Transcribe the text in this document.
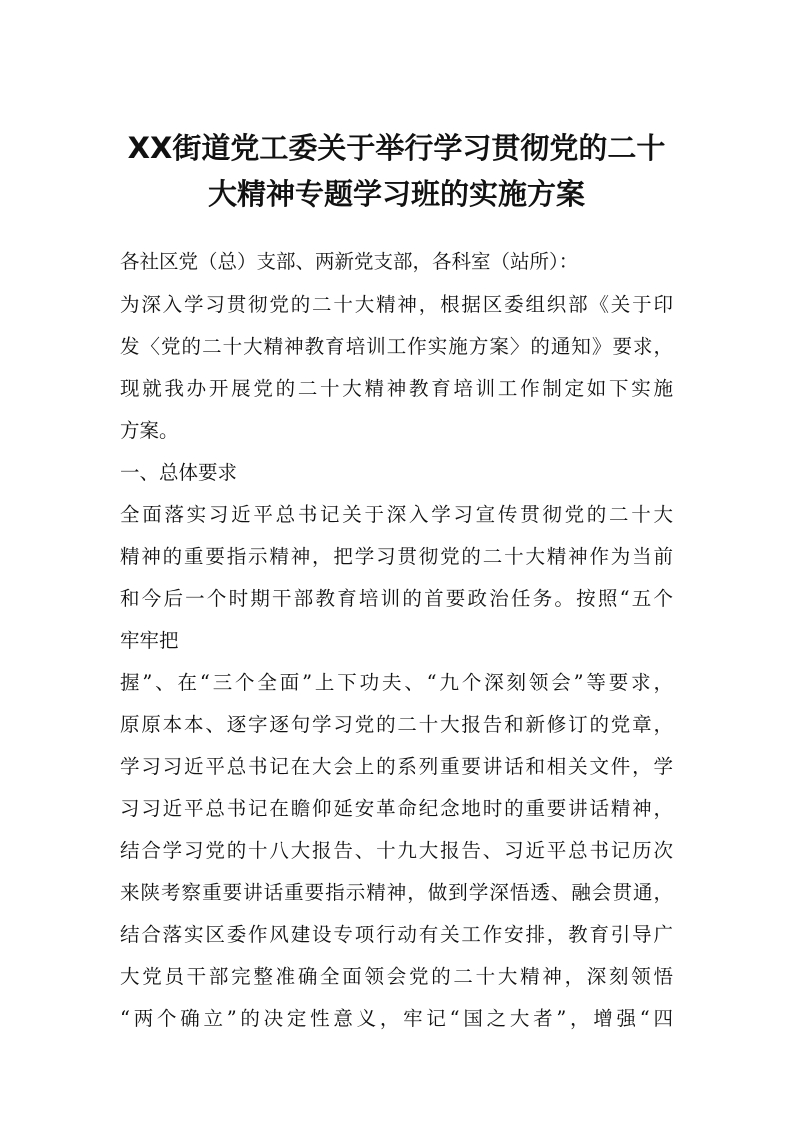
XX街道党工委关于举行学习贯彻党的二十
大精神专题学习班的实施方案
各社区党（总）支部、两新党支部，各科室（站所）：
为深入学习贯彻党的二十大精神，根据区委组织部《关于印
发〈党的二十大精神教育培训工作实施方案〉的通知》要求，
现就我办开展党的二十大精神教育培训工作制定如下实施
方案。
一、总体要求
全面落实习近平总书记关于深入学习宣传贯彻党的二十大
精神的重要指示精神，把学习贯彻党的二十大精神作为当前
和今后一个时期干部教育培训的首要政治任务。按照“五个
牢牢把
握”、在“三个全面”上下功夫、“九个深刻领会”等要求，
原原本本、逐字逐句学习党的二十大报告和新修订的党章，
学习习近平总书记在大会上的系列重要讲话和相关文件，学
习习近平总书记在瞻仰延安革命纪念地时的重要讲话精神，
结合学习党的十八大报告、十九大报告、习近平总书记历次
来陕考察重要讲话重要指示精神，做到学深悟透、融会贯通，
结合落实区委作风建设专项行动有关工作安排，教育引导广
大党员干部完整准确全面领会党的二十大精神，深刻领悟
“两个确立”的决定性意义，牢记“国之大者”，增强“四
